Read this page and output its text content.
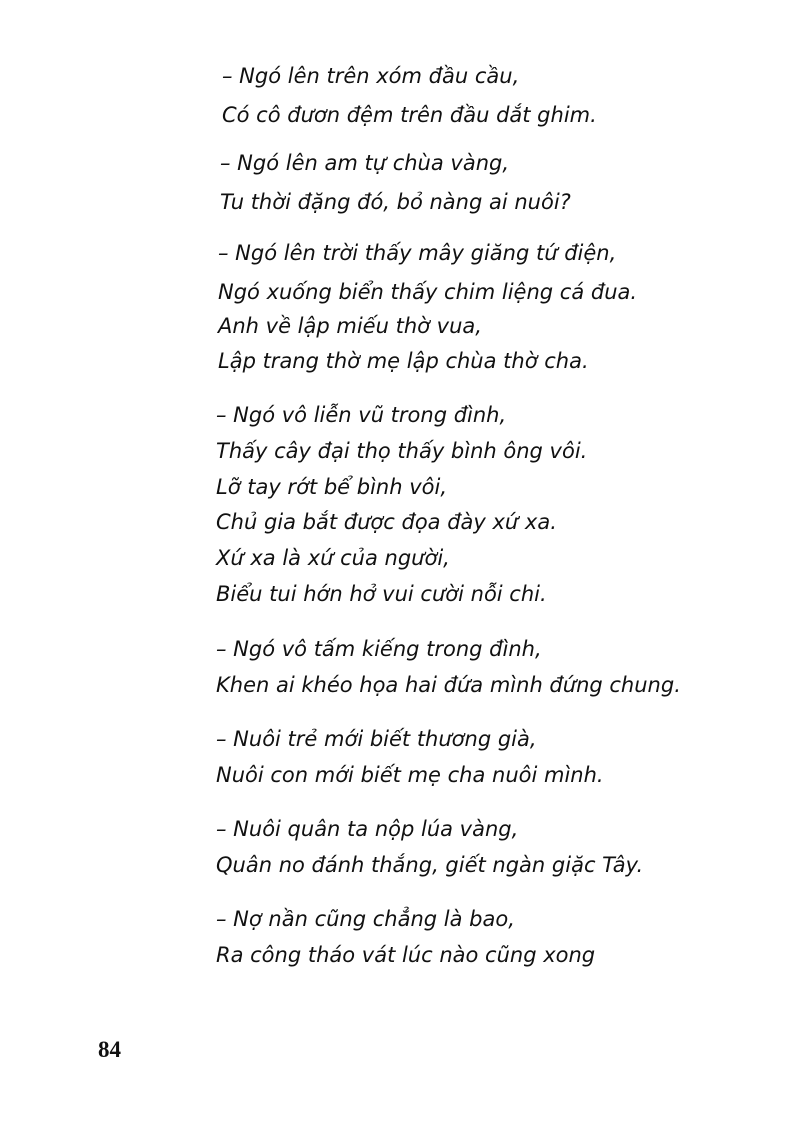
– Ngó lên trên xóm đầu cầu,
Có cô đươn đệm trên đầu dắt ghim.
– Ngó lên am tự chùa vàng,
Tu thời đặng đó, bỏ nàng ai nuôi?
– Ngó lên trời thấy mây giăng tứ điện,
Ngó xuống biển thấy chim liệng cá đua.
Anh về lập miếu thờ vua,
Lập trang thờ mẹ lập chùa thờ cha.
– Ngó vô liễn vũ trong đình,
Thấy cây đại thọ thấy bình ông vôi.
Lỡ tay rớt bể bình vôi,
Chủ gia bắt được đọa đày xứ xa.
Xứ xa là xứ của người,
Biểu tui hớn hở vui cười nỗi chi.
– Ngó vô tấm kiếng trong đình,
Khen ai khéo họa hai đứa mình đứng chung.
– Nuôi trẻ mới biết thương già,
Nuôi con mới biết mẹ cha nuôi mình.
– Nuôi quân ta nộp lúa vàng,
Quân no đánh thắng, giết ngàn giặc Tây.
– Nợ nần cũng chẳng là bao,
Ra công tháo vát lúc nào cũng xong
84
